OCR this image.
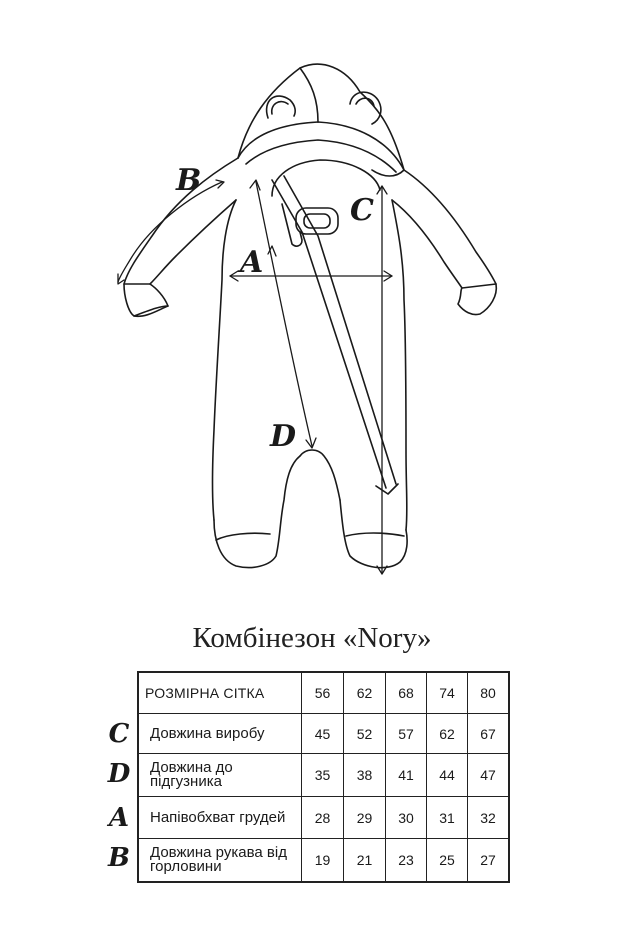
B
C
A
D
Комбінезон «Nory»
C
D
A
B
РОЗМІРНА СІТКА	56	62	68	74	80
Довжина виробу	45	52	57	62	67
Довжина до підгузника	35	38	41	44	47
Напівобхват грудей	28	29	30	31	32
Довжина рукава від горловини	19	21	23	25	27
